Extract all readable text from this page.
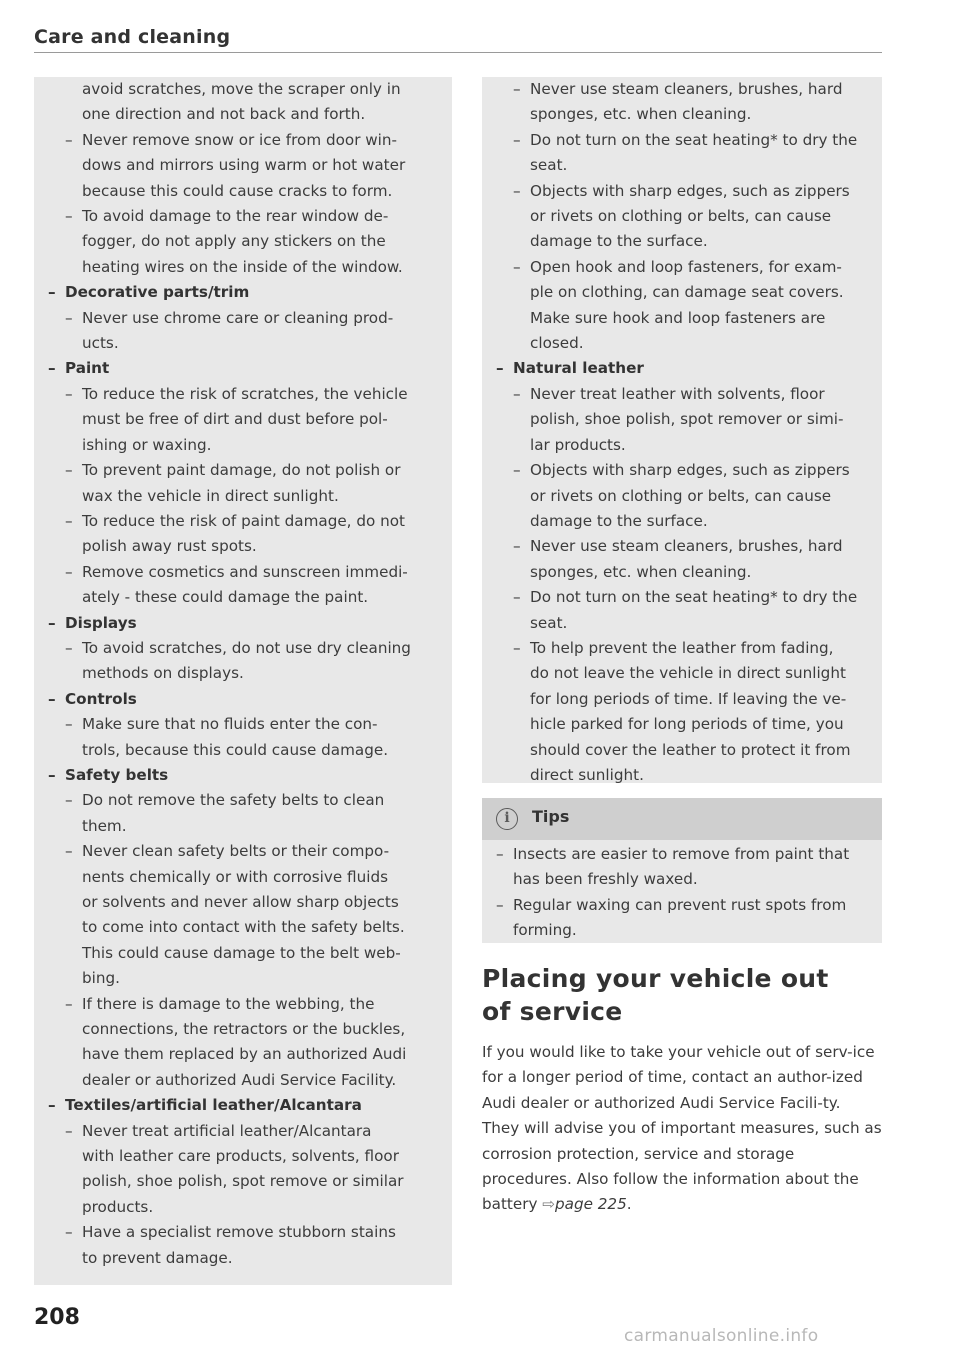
Care and cleaning
avoid scratches, move the scraper only in
one direction and not back and forth.
– Never remove snow or ice from door win-
dows and mirrors using warm or hot water
because this could cause cracks to form.
– To avoid damage to the rear window de-
fogger, do not apply any stickers on the
heating wires on the inside of the window.
– Decorative parts/trim
– Never use chrome care or cleaning prod-
ucts.
– Paint
– To reduce the risk of scratches, the vehicle
must be free of dirt and dust before pol-
ishing or waxing.
– To prevent paint damage, do not polish or
wax the vehicle in direct sunlight.
– To reduce the risk of paint damage, do not
polish away rust spots.
– Remove cosmetics and sunscreen immedi-
ately - these could damage the paint.
– Displays
– To avoid scratches, do not use dry cleaning
methods on displays.
– Controls
– Make sure that no fluids enter the con-
trols, because this could cause damage.
– Safety belts
– Do not remove the safety belts to clean
them.
– Never clean safety belts or their compo-
nents chemically or with corrosive fluids
or solvents and never allow sharp objects
to come into contact with the safety belts.
This could cause damage to the belt web-
bing.
– If there is damage to the webbing, the
connections, the retractors or the buckles,
have them replaced by an authorized Audi
dealer or authorized Audi Service Facility.
– Textiles/artificial leather/Alcantara
– Never treat artificial leather/Alcantara
with leather care products, solvents, floor
polish, shoe polish, spot remove or similar
products.
– Have a specialist remove stubborn stains
to prevent damage.
– Never use steam cleaners, brushes, hard
sponges, etc. when cleaning.
– Do not turn on the seat heating* to dry the
seat.
– Objects with sharp edges, such as zippers
or rivets on clothing or belts, can cause
damage to the surface.
– Open hook and loop fasteners, for exam-
ple on clothing, can damage seat covers.
Make sure hook and loop fasteners are
closed.
– Natural leather
– Never treat leather with solvents, floor
polish, shoe polish, spot remover or simi-
lar products.
– Objects with sharp edges, such as zippers
or rivets on clothing or belts, can cause
damage to the surface.
– Never use steam cleaners, brushes, hard
sponges, etc. when cleaning.
– Do not turn on the seat heating* to dry the
seat.
– To help prevent the leather from fading,
do not leave the vehicle in direct sunlight
for long periods of time. If leaving the ve-
hicle parked for long periods of time, you
should cover the leather to protect it from
direct sunlight.
i	Tips
– Insects are easier to remove from paint that
has been freshly waxed.
– Regular waxing can prevent rust spots from
forming.
Placing your vehicle out
of service
If you would like to take your vehicle out of serv-ice for a longer period of time, contact an author-ized Audi dealer or authorized Audi Service Facili-ty. They will advise you of important measures, such as corrosion protection, service and storage procedures. Also follow the information about the battery ⇨page 225.
208
carmanualsonline.info
